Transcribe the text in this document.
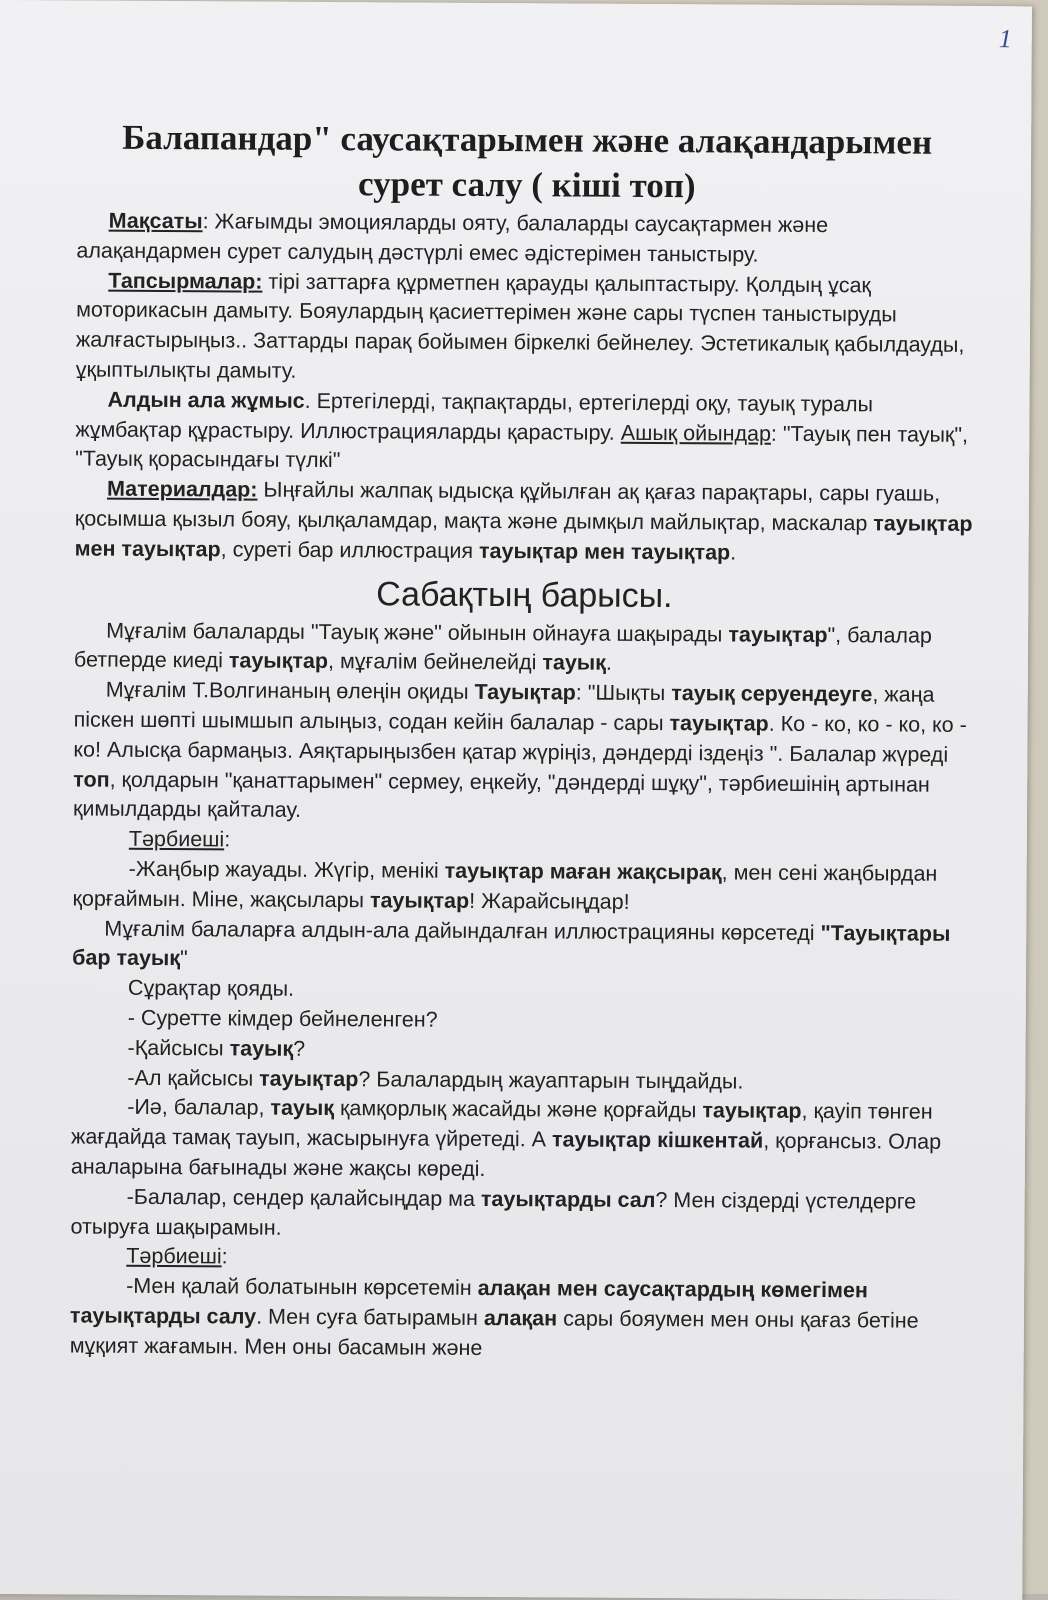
1
Балапандар" саусақтарымен және алақандарымен сурет салу ( кіші топ)

Мақсаты: Жағымды эмоцияларды ояту, балаларды саусақтармен және алақандармен сурет салудың дәстүрлі емес әдістерімен таныстыру.

Тапсырмалар: тірі заттарға құрметпен қарауды қалыптастыру. Қолдың ұсақ моторикасын дамыту. Бояулардың қасиеттерімен және сары түспен таныстыруды жалғастырыңыз.. Заттарды парақ бойымен біркелкі бейнелеу. Эстетикалық қабылдауды, ұқыптылықты дамыту.

Алдын ала жұмыс. Ертегілерді, тақпақтарды, ертегілерді оқу, тауық туралы жұмбақтар құрастыру. Иллюстрацияларды қарастыру. Ашық ойындар: "Тауық пен тауық", "Тауық қорасындағы түлкі"

Материалдар: Ыңғайлы жалпақ ыдысқа құйылған ақ қағаз парақтары, сары гуашь, қосымша қызыл бояу, қылқаламдар, мақта және дымқыл майлықтар, маскалар тауықтар мен тауықтар, суреті бар иллюстрация тауықтар мен тауықтар.

Сабақтың барысы.

Мұғалім балаларды "Тауық және" ойынын ойнауға шақырады тауықтар", балалар бетперде киеді тауықтар, мұғалім бейнелейді тауық.

Мұғалім Т.Волгинаның өлеңін оқиды Тауықтар: "Шықты тауық серуендеуге, жаңа піскен шөпті шымшып алыңыз, содан кейін балалар - сары тауықтар. Ко - ко, ко - ко, ко - ко! Алысқа бармаңыз. Аяқтарыңызбен қатар жүріңіз, дәндерді іздеңіз ". Балалар жүреді топ, қолдарын "қанаттарымен" сермеу, еңкейу, "дәндерді шұқу", тәрбиешінің артынан қимылдарды қайталау.

Тәрбиеші:

-Жаңбыр жауады. Жүгір, менікі тауықтар маған жақсырақ, мен сені жаңбырдан қорғаймын. Міне, жақсылары тауықтар! Жарайсыңдар!

Мұғалім балаларға алдын-ала дайындалған иллюстрацияны көрсетеді "Тауықтары бар тауық"

Сұрақтар қояды.

- Суретте кімдер бейнеленген?

-Қайсысы тауық?

-Ал қайсысы тауықтар? Балалардың жауаптарын тыңдайды.

-Иә, балалар, тауық қамқорлық жасайды және қорғайды тауықтар, қауіп төнген жағдайда тамақ тауып, жасырынуға үйретеді. А тауықтар кішкентай, қорғансыз. Олар аналарына бағынады және жақсы көреді.

-Балалар, сендер қалайсыңдар ма тауықтарды сал? Мен сіздерді үстелдерге отыруға шақырамын.

Тәрбиеші:

-Мен қалай болатынын көрсетемін алақан мен саусақтардың көмегімен тауықтарды салу. Мен суға батырамын алақан сары бояумен мен оны қағаз бетіне мұқият жағамын. Мен оны басамын және
